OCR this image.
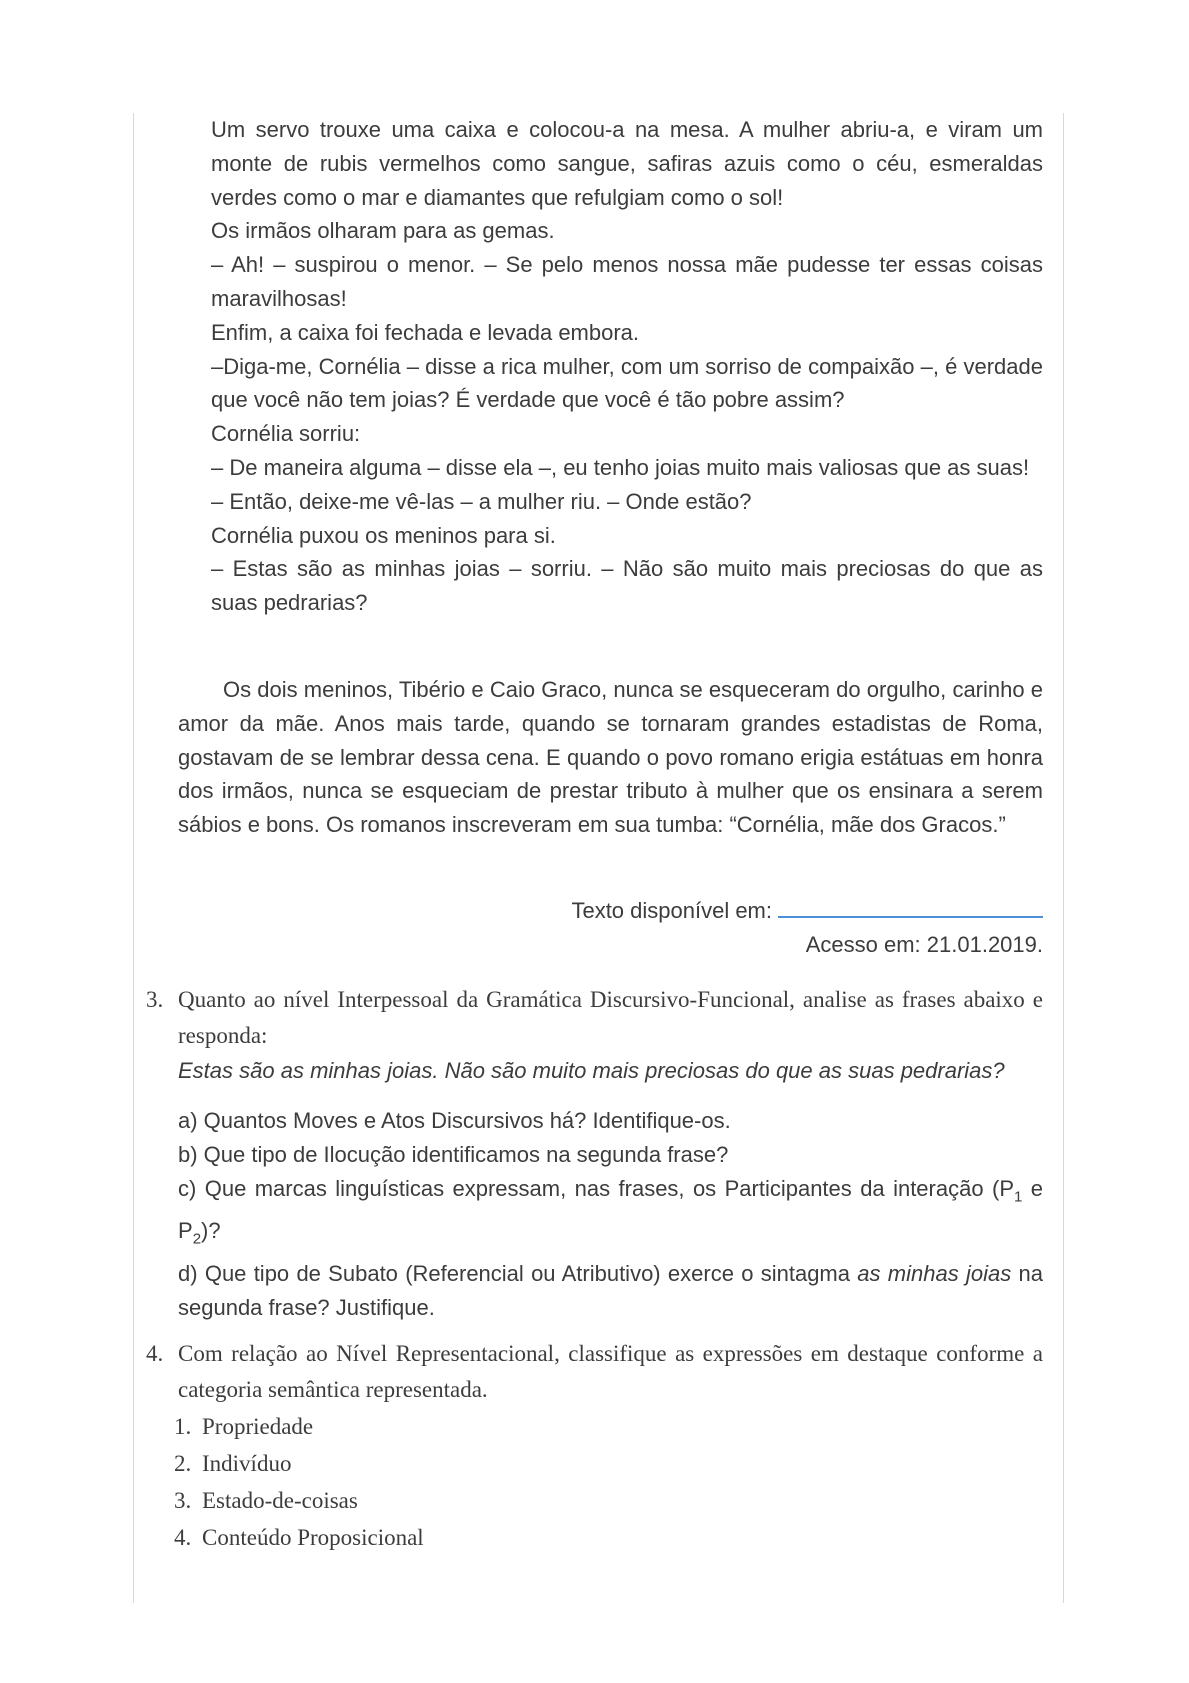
Um servo trouxe uma caixa e colocou-a na mesa. A mulher abriu-a, e viram um monte de rubis vermelhos como sangue, safiras azuis como o céu, esmeraldas verdes como o mar e diamantes que refulgiam como o sol!

Os irmãos olharam para as gemas.

– Ah! – suspirou o menor. – Se pelo menos nossa mãe pudesse ter essas coisas maravilhosas!

Enfim, a caixa foi fechada e levada embora.

–Diga-me, Cornélia – disse a rica mulher, com um sorriso de compaixão –, é verdade que você não tem joias? É verdade que você é tão pobre assim?

Cornélia sorriu:

– De maneira alguma – disse ela –, eu tenho joias muito mais valiosas que as suas!

– Então, deixe-me vê-las – a mulher riu. – Onde estão?

Cornélia puxou os meninos para si.

– Estas são as minhas joias – sorriu. – Não são muito mais preciosas do que as suas pedrarias?

Os dois meninos, Tibério e Caio Graco, nunca se esqueceram do orgulho, carinho e amor da mãe. Anos mais tarde, quando se tornaram grandes estadistas de Roma, gostavam de se lembrar dessa cena. E quando o povo romano erigia estátuas em honra dos irmãos, nunca se esqueciam de prestar tributo à mulher que os ensinara a serem sábios e bons. Os romanos inscreveram em sua tumba: “Cornélia, mãe dos Gracos.”

Texto disponível em:
Acesso em: 21.01.2019.
3. Quanto ao nível Interpessoal da Gramática Discursivo-Funcional, analise as frases abaixo e responda:
Estas são as minhas joias. Não são muito mais preciosas do que as suas pedrarias?

a) Quantos Moves e Atos Discursivos há? Identifique-os.

b) Que tipo de Ilocução identificamos na segunda frase?

c) Que marcas linguísticas expressam, nas frases, os Participantes da interação ($P_1$ e $P_2$)?

d) Que tipo de Subato (Referencial ou Atributivo) exerce o sintagma as minhas joias na segunda frase? Justifique.

4. Com relação ao Nível Representacional, classifique as expressões em destaque conforme a categoria semântica representada.
1. Propriedade
2. Indivíduo
3. Estado-de-coisas
4. Conteúdo Proposicional
